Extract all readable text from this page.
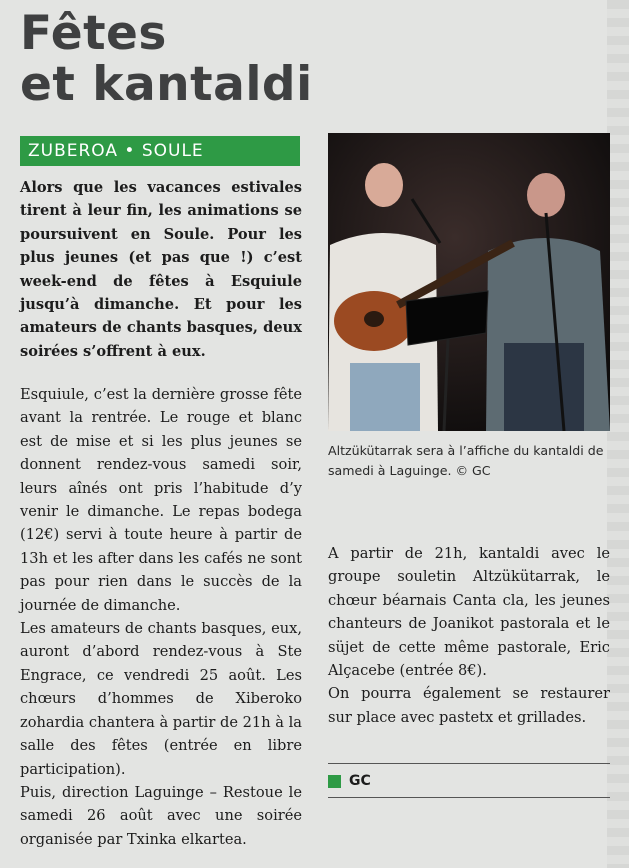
Fêtes
et kantaldi
ZUBEROA • SOULE

Alors que les vacances estivales tirent à leur fin, les animations se poursuivent en Soule. Pour les plus jeunes (et pas que !) c’est week-end de fêtes à Esquiule jusqu’à dimanche. Et pour les amateurs de chants basques, deux soirées s’offrent à eux.

Esquiule, c’est la dernière grosse fête avant la rentrée. Le rouge et blanc est de mise et si les plus jeunes se donnent rendez-vous samedi soir, leurs aînés ont pris l’habitude d’y venir le dimanche. Le repas bodega (12€) servi à toute heure à partir de 13h et les after dans les cafés ne sont pas pour rien dans le succès de la journée de dimanche.

Les amateurs de chants basques, eux, auront d’abord rendez-vous à Ste Engrace, ce vendredi 25 août. Les chœurs d’hommes de Xiberoko zohardia chantera à partir de 21h à la salle des fêtes (entrée en libre participation).

Puis, direction Laguinge – Restoue le samedi 26 août avec une soirée organisée par Txinka elkartea.

Altzükütarrak sera à l’affiche du kantaldi de samedi à Laguinge. © GC

A partir de 21h, kantaldi avec le groupe souletin Altzükütarrak, le chœur béarnais Canta cla, les jeunes chanteurs de Joanikot pastorala et le süjet de cette même pastorale, Eric Alçacebe (entrée 8€).

On pourra également se restaurer sur place avec pastetx et grillades.

GC
